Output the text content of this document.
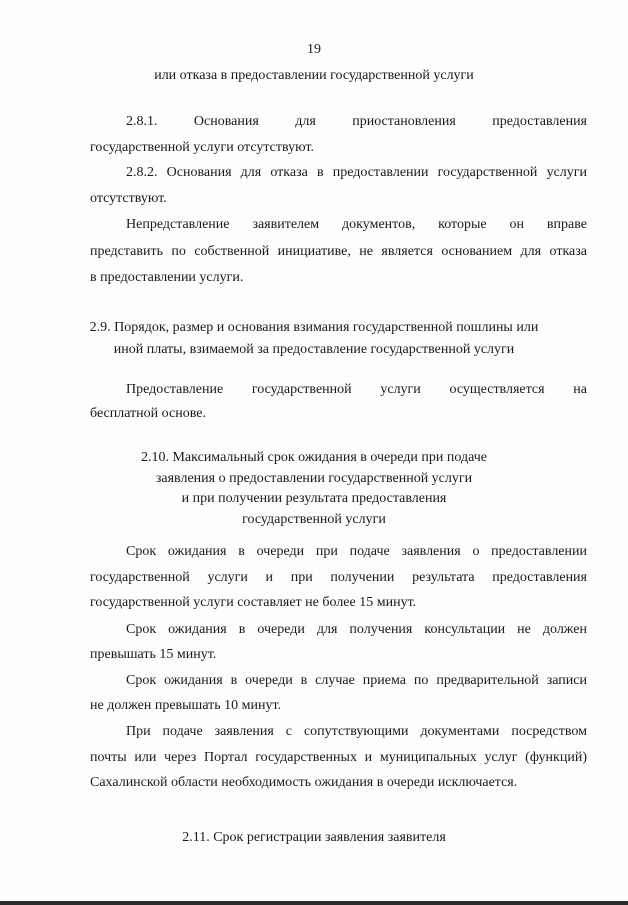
19
или отказа в предоставлении государственной услуги
2.8.1.	Основания	для	приостановления	предоставления
государственной услуги отсутствуют.
2.8.2. Основания для отказа в предоставлении государственной услуги
отсутствуют.
Непредставление заявителем документов, которые он вправе
представить по собственной инициативе, не является основанием для отказа
в предоставлении услуги.
2.9. Порядок, размер и основания взимания государственной пошлины или
иной платы, взимаемой за предоставление государственной услуги
Предоставление государственной услуги осуществляется на
бесплатной основе.
2.10. Максимальный срок ожидания в очереди при подаче
заявления о предоставлении государственной услуги
и при получении результата предоставления
государственной услуги
Срок ожидания в очереди при подаче заявления о предоставлении
государственной услуги и при получении результата предоставления
государственной услуги составляет не более 15 минут.
Срок ожидания в очереди для получения консультации не должен
превышать 15 минут.
Срок ожидания в очереди в случае приема по предварительной записи
не должен превышать 10 минут.
При подаче заявления с сопутствующими документами посредством
почты или через Портал государственных и муниципальных услуг (функций)
Сахалинской области необходимость ожидания в очереди исключается.
2.11. Срок регистрации заявления заявителя
